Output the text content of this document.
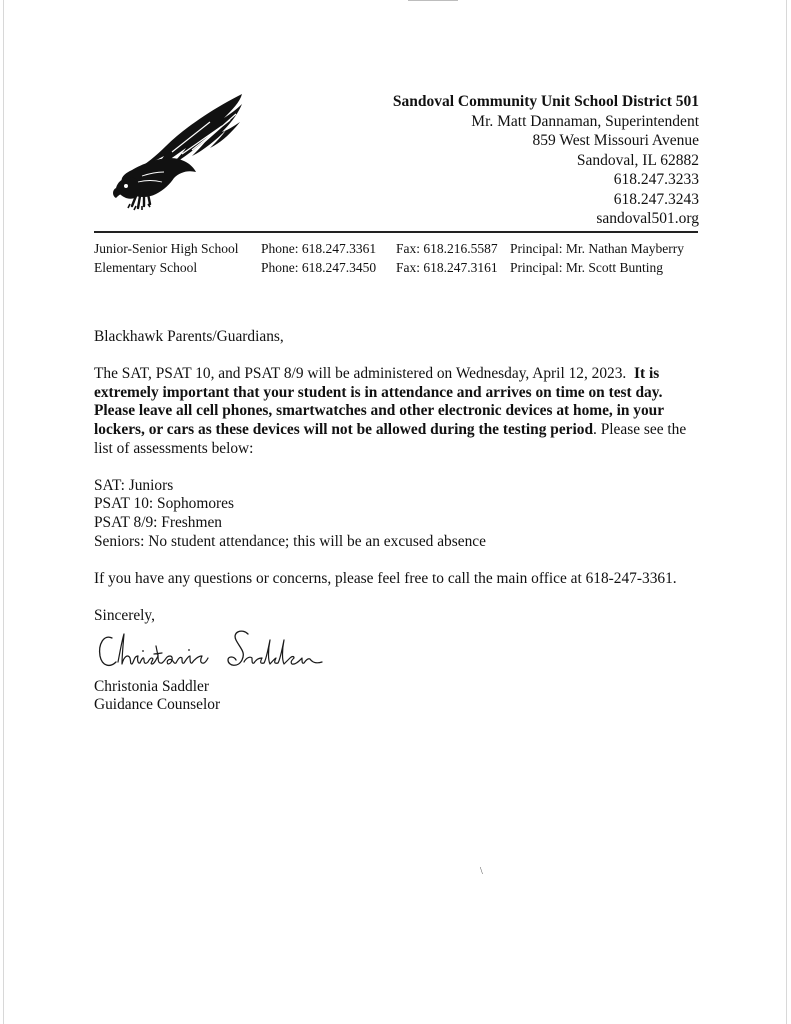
Sandoval Community Unit School District 501
Mr. Matt Dannaman, Superintendent
859 West Missouri Avenue
Sandoval, IL 62882
618.247.3233
618.247.3243
sandoval501.org
Junior-Senior High School	Phone: 618.247.3361	Fax: 618.216.5587 Principal: Mr. Nathan Mayberry
Elementary School	Phone: 618.247.3450	Fax: 618.247.3161 Principal: Mr. Scott Bunting

Blackhawk Parents/Guardians,

The SAT, PSAT 10, and PSAT 8/9 will be administered on Wednesday, April 12, 2023. It is extremely important that your student is in attendance and arrives on time on test day. Please leave all cell phones, smartwatches and other electronic devices at home, in your lockers, or cars as these devices will not be allowed during the testing period. Please see the list of assessments below:

SAT: Juniors
PSAT 10: Sophomores
PSAT 8/9: Freshmen
Seniors: No student attendance; this will be an excused absence

If you have any questions or concerns, please feel free to call the main office at 618-247-3361.

Sincerely,

Christonia Saddler
Christonia Saddler
Guidance Counselor
\
